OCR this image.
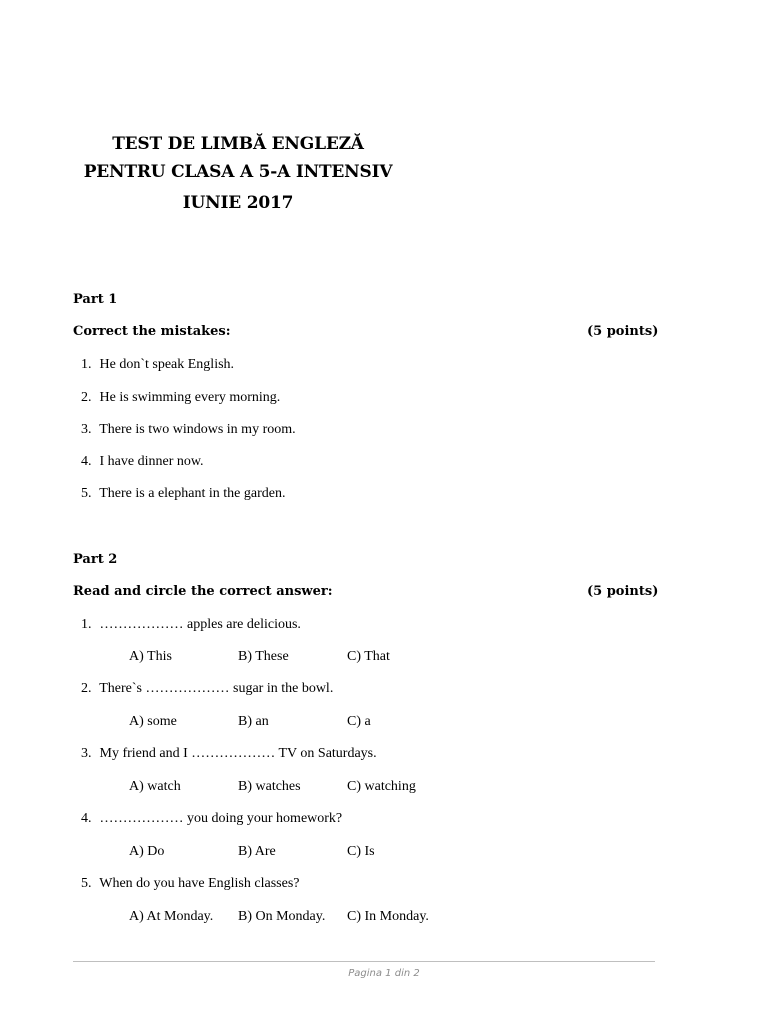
TEST DE LIMBĂ ENGLEZĂ
PENTRU CLASA A 5-A INTENSIV
IUNIE 2017
Part 1
Correct the mistakes:	(5 points)
1. He don`t speak English.
2. He is swimming every morning.
3. There is two windows in my room.
4. I have dinner now.
5. There is a elephant in the garden.
Part 2
Read and circle the correct answer:	(5 points)
1. ……………… apples are delicious.
A) This	B) These	C) That
2. There`s ……………… sugar in the bowl.
A) some	B) an	C) a
3. My friend and I ……………… TV on Saturdays.
A) watch	B) watches	C) watching
4. ……………… you doing your homework?
A) Do	B) Are	C) Is
5. When do you have English classes?
A) At Monday. B) On Monday. C) In Monday.
Pagina 1 din 2
